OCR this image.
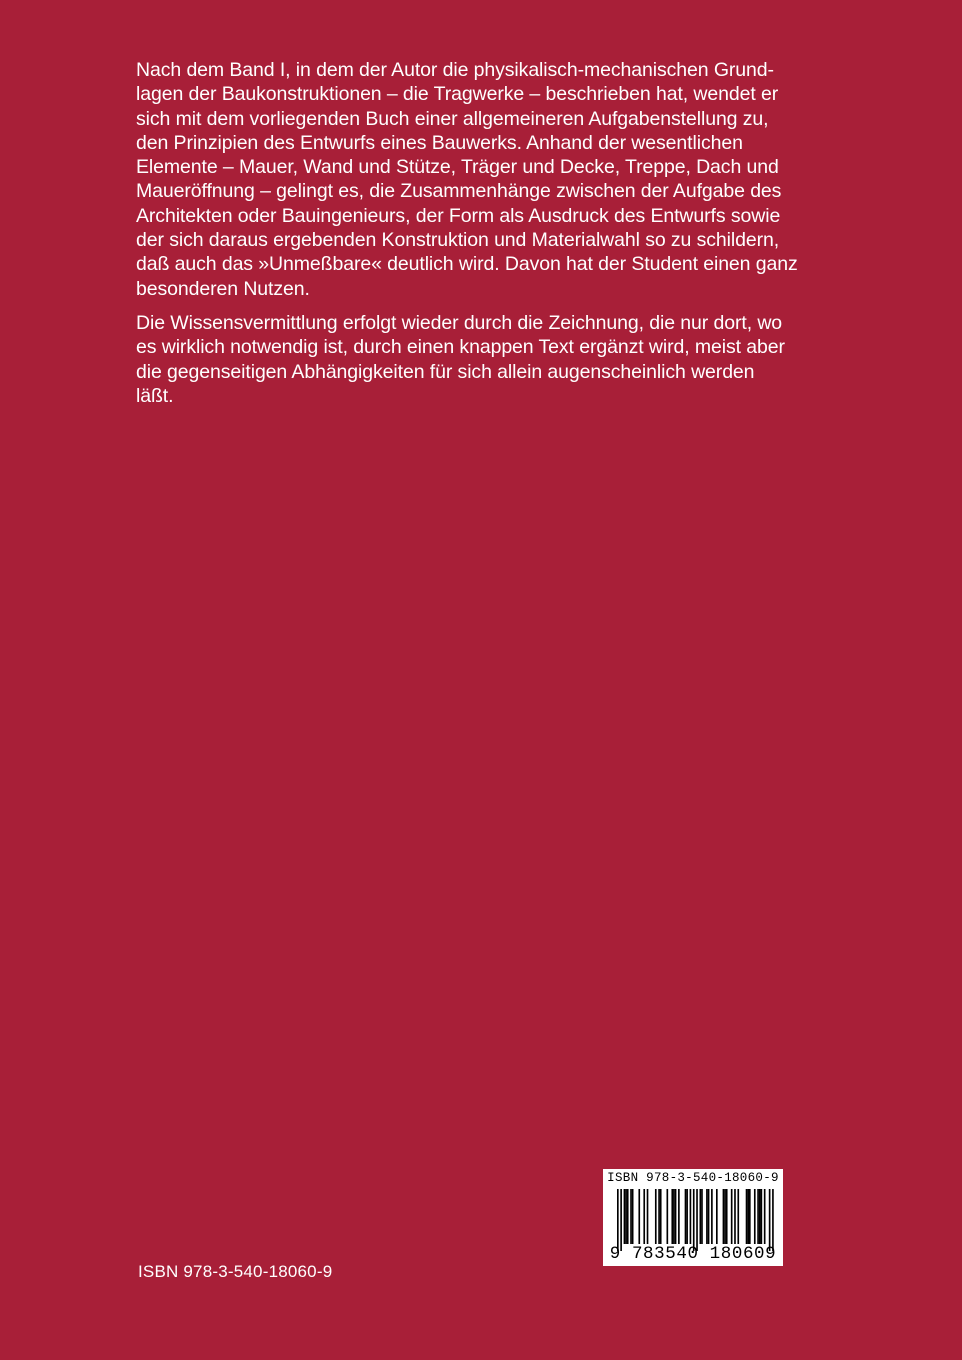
Nach dem Band I, in dem der Autor die physikalisch-mechanischen Grund-
lagen der Baukonstruktionen – die Tragwerke – beschrieben hat, wendet er
sich mit dem vorliegenden Buch einer allgemeineren Aufgabenstellung zu,
den Prinzipien des Entwurfs eines Bauwerks. Anhand der wesentlichen
Elemente – Mauer, Wand und Stütze, Träger und Decke, Treppe, Dach und
Maueröffnung – gelingt es, die Zusammenhänge zwischen der Aufgabe des
Architekten oder Bauingenieurs, der Form als Ausdruck des Entwurfs sowie
der sich daraus ergebenden Konstruktion und Materialwahl so zu schildern,
daß auch das »Unmeßbare« deutlich wird. Davon hat der Student einen ganz
besonderen Nutzen.
Die Wissensvermittlung erfolgt wieder durch die Zeichnung, die nur dort, wo
es wirklich notwendig ist, durch einen knappen Text ergänzt wird, meist aber
die gegenseitigen Abhängigkeiten für sich allein augenscheinlich werden
läßt.
ISBN 978-3-540-18060-9
9 783540 180609
ISBN 978-3-540-18060-9
